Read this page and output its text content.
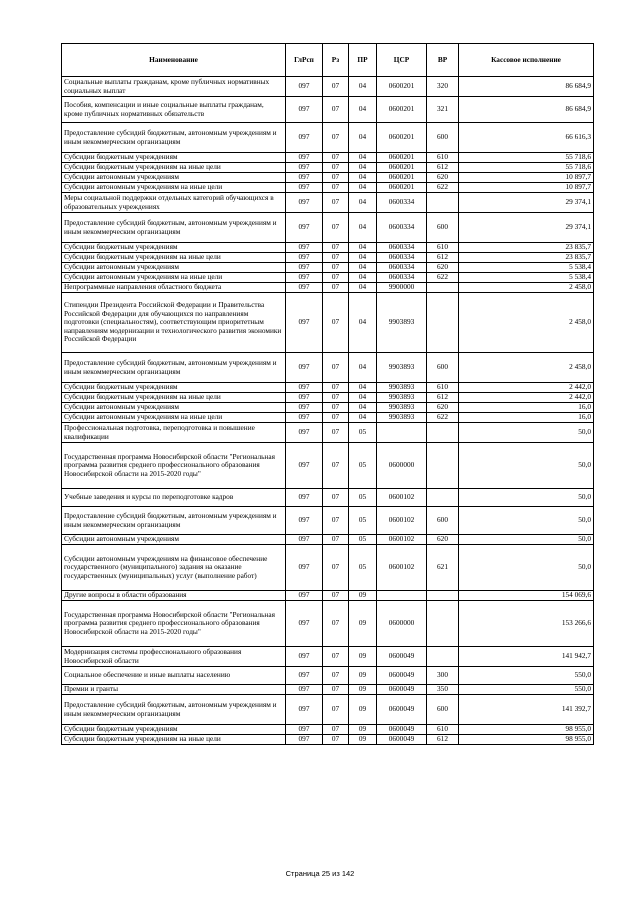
Наименование	ГлРсп	Рз	ПР	ЦСР	ВР	Кассовое исполнение
Социальные выплаты гражданам, кроме публичных нормативных социальных выплат	097	07	04	0600201	320	86 684,9
Пособия, компенсации и иные социальные выплаты гражданам, кроме публичных нормативных обязательств	097	07	04	0600201	321	86 684,9
Предоставление субсидий бюджетным, автономным учреждениям и иным некоммерческим организациям	097	07	04	0600201	600	66 616,3
Субсидии бюджетным учреждениям	097	07	04	0600201	610	55 718,6
Субсидии бюджетным учреждениям на иные цели	097	07	04	0600201	612	55 718,6
Субсидии автономным учреждениям	097	07	04	0600201	620	10 897,7
Субсидии автономным учреждениям на иные цели	097	07	04	0600201	622	10 897,7
Меры социальной поддержки отдельных категорий обучающихся в образовательных учреждениях	097	07	04	0600334		29 374,1
Предоставление субсидий бюджетным, автономным учреждениям и иным некоммерческим организациям	097	07	04	0600334	600	29 374,1
Субсидии бюджетным учреждениям	097	07	04	0600334	610	23 835,7
Субсидии бюджетным учреждениям на иные цели	097	07	04	0600334	612	23 835,7
Субсидии автономным учреждениям	097	07	04	0600334	620	5 538,4
Субсидии автономным учреждениям на иные цели	097	07	04	0600334	622	5 538,4
Непрограммные направления областного бюджета	097	07	04	9900000		2 458,0
Стипендии Президента Российской Федерации и Правительства Российской Федерации для обучающихся по направлениям подготовки (специальностям), соответствующим приоритетным направлениям модернизации и технологического развития экономики Российской Федерации	097	07	04	9903893		2 458,0
Предоставление субсидий бюджетным, автономным учреждениям и иным некоммерческим организациям	097	07	04	9903893	600	2 458,0
Субсидии бюджетным учреждениям	097	07	04	9903893	610	2 442,0
Субсидии бюджетным учреждениям на иные цели	097	07	04	9903893	612	2 442,0
Субсидии автономным учреждениям	097	07	04	9903893	620	16,0
Субсидии автономным учреждениям на иные цели	097	07	04	9903893	622	16,0
Профессиональная подготовка, переподготовка и повышение квалификации	097	07	05			50,0
Государственная программа Новосибирской области "Региональная программа развития среднего профессионального образования Новосибирской области на 2015-2020 годы"	097	07	05	0600000		50,0
Учебные заведения и курсы по переподготовке кадров	097	07	05	0600102		50,0
Предоставление субсидий бюджетным, автономным учреждениям и иным некоммерческим организациям	097	07	05	0600102	600	50,0
Субсидии автономным учреждениям	097	07	05	0600102	620	50,0
Субсидии автономным учреждениям на финансовое обеспечение государственного (муниципального) задания на оказание государственных (муниципальных) услуг (выполнение работ)	097	07	05	0600102	621	50,0
Другие вопросы в области образования	097	07	09			154 069,6
Государственная программа Новосибирской области "Региональная программа развития среднего профессионального образования Новосибирской области на 2015-2020 годы"	097	07	09	0600000		153 266,6
Модернизация системы профессионального образования Новосибирской области	097	07	09	0600049		141 942,7
Социальное обеспечение и иные выплаты населению	097	07	09	0600049	300	550,0
Премии и гранты	097	07	09	0600049	350	550,0
Предоставление субсидий бюджетным, автономным учреждениям и иным некоммерческим организациям	097	07	09	0600049	600	141 392,7
Субсидии бюджетным учреждениям	097	07	09	0600049	610	98 955,0
Субсидии бюджетным учреждениям на иные цели	097	07	09	0600049	612	98 955,0
Страница 25 из 142
